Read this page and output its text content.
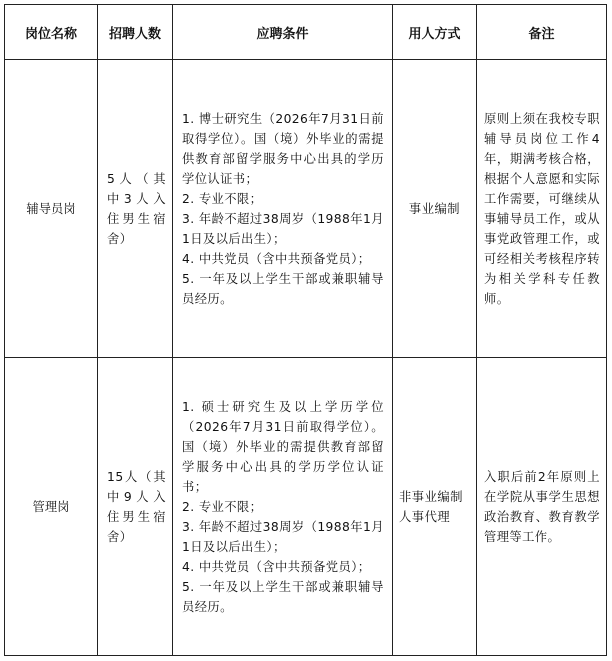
岗位名称	招聘人数	应聘条件	用人方式	备注
辅导员岗	5人（其中3人入住男生宿舍）	1. 博士研究生（2026年7月31日前取得学位）。国（境）外毕业的需提供教育部留学服务中心出具的学历学位认证书；
2. 专业不限；
3. 年龄不超过38周岁（1988年1月1日及以后出生）；
4. 中共党员（含中共预备党员）；
5. 一年及以上学生干部或兼职辅导员经历。	事业编制	原则上须在我校专职辅导员岗位工作4年，期满考核合格，根据个人意愿和实际工作需要，可继续从事辅导员工作，或从事党政管理工作，或可经相关考核程序转为相关学科专任教师。
管理岗	15人（其中9人入住男生宿舍）	1. 硕士研究生及以上学历学位（2026年7月31日前取得学位）。国（境）外毕业的需提供教育部留学服务中心出具的学历学位认证书；
2. 专业不限；
3. 年龄不超过38周岁（1988年1月1日及以后出生）；
4. 中共党员（含中共预备党员）；
5. 一年及以上学生干部或兼职辅导员经历。	非事业编制人事代理	入职后前2年原则上在学院从事学生思想政治教育、教育教学管理等工作。
